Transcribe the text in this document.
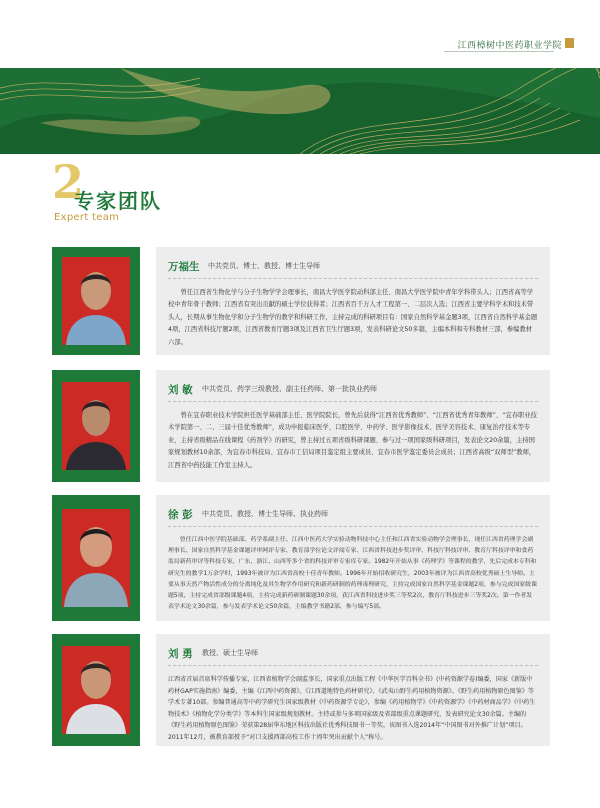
江西樟树中医药职业学院
2
专家团队
Expert team
万福生 中共党员、博士、教授、博士生导师

曾任江西省生物化学与分子生物学学会理事长，南昌大学医学院动科部主任、南昌大学医学院中青年学科带头人；江西省高等学校中青年骨干教师；江西省有突出贡献的硕士学位获得者；江西省百千万人才工程第一、二层次人选；江西省主要学科学术和技术带头人，长期从事生物化学和分子生物学的教学和科研工作，主持完成的科研项目有：国家自然科学基金题3项，江西省自然科学基金题4项，江西省科技厅题2项，江西省教育厅题3项及江西省卫生厅题3项，发表科研论文50多篇，主编本科和专科教材三部，参编教材六部。

刘 敏 中共党员、药学三级教授、副主任药师、第一批执业药师

曾在宜春职业技术学院担任医学基础部主任、医学院院长，曾先后获得“江西省优秀教师”、“江西省优秀青年教师”、“宜春职业技术学院第一、二、三届十佳优秀教师”，成功申报临床医学、口腔医学、中药学、医学影像技术、医学美容技术、康复治疗技术等专业，主持省级精品在线课程《药剂学》的研究，曾主持过五项省级科研课题、参与过一项国家级科研项目，发表论文20余篇，主持国家规划教材10余部，为宜春市科技局、宜春市工信局项目鉴定组主要成员、宜春市医学鉴定委员会成员；江西省高级“双师型”教师，江西省中药技能工作室主持人。

徐 彭 中共党员、教授、博士生导师、执业药师

曾任江西中医学院基础部、药学系副主任、江西中医药大学实验动物科技中心主任和江西省实验动物学会理事长，现任江西省药理学会副理事长、国家自然科学基金课题评审网评专家、教育部学位论文评阅专家、江西省科技进步奖评审、科技厅科技评审、教育厅科技评审和食药监局新药审评等科技专家，广东、浙江、山西等多个省的科技评审专家库专家。1982年开始从事《药理学》等课程的教学，先后完成本专科和研究生的教学1万余学时，1993年被评为江西省高校十佳青年教师。1996年开始招收研究生，2003年被评为江西省高校优秀硕士生导师。主要从事天然产物活性成分的分离纯化及其生物学作用研究和新药研制的药理毒理研究，主持完成国家自然科学基金课题2项，参与完成国家级课题5项，主持完成省部级课题4项，主持完成新药研制课题30余项，获江西省科技进步奖三等奖2次，教育厅科技进步三等奖2次。第一作者发表学术论文30余篇，参与发表学术论文50余篇，主编教学书籍2部，参与编写5部。

刘 勇 教授、硕士生导师

江西省首届首席科学传播专家，江西省植物学会副监事长，国家重点出版工程《中华医学百科全书》(中药资源学卷)编委，国家《新版中药材GAP实施指南》编委，主编《江西中药资源》、《江西道地特色药材研究》、《武夷山野生药用植物资源》、《野生药用植物原色图鉴》等学术专著10部。参编普通高等中药学研究生国家级教材《中药资源学专论》，参编《药用植物学》《中药资源学》《中药材商品学》《中药生物技术》《植物化学分类学》等本科生国家级规划教材。主持或参与多项国家级及省部级重点课题研究，发表研究论文30余篇。主编的《野生药用植物原色图鉴》荣获第28届华东地区科技出版社优秀科技图书一等奖，该图书入选2014年“中国图书对外推广计划”项目。2011年12月，被教育部授予“对口支援西部高校工作十周年突出贡献个人”称号。
